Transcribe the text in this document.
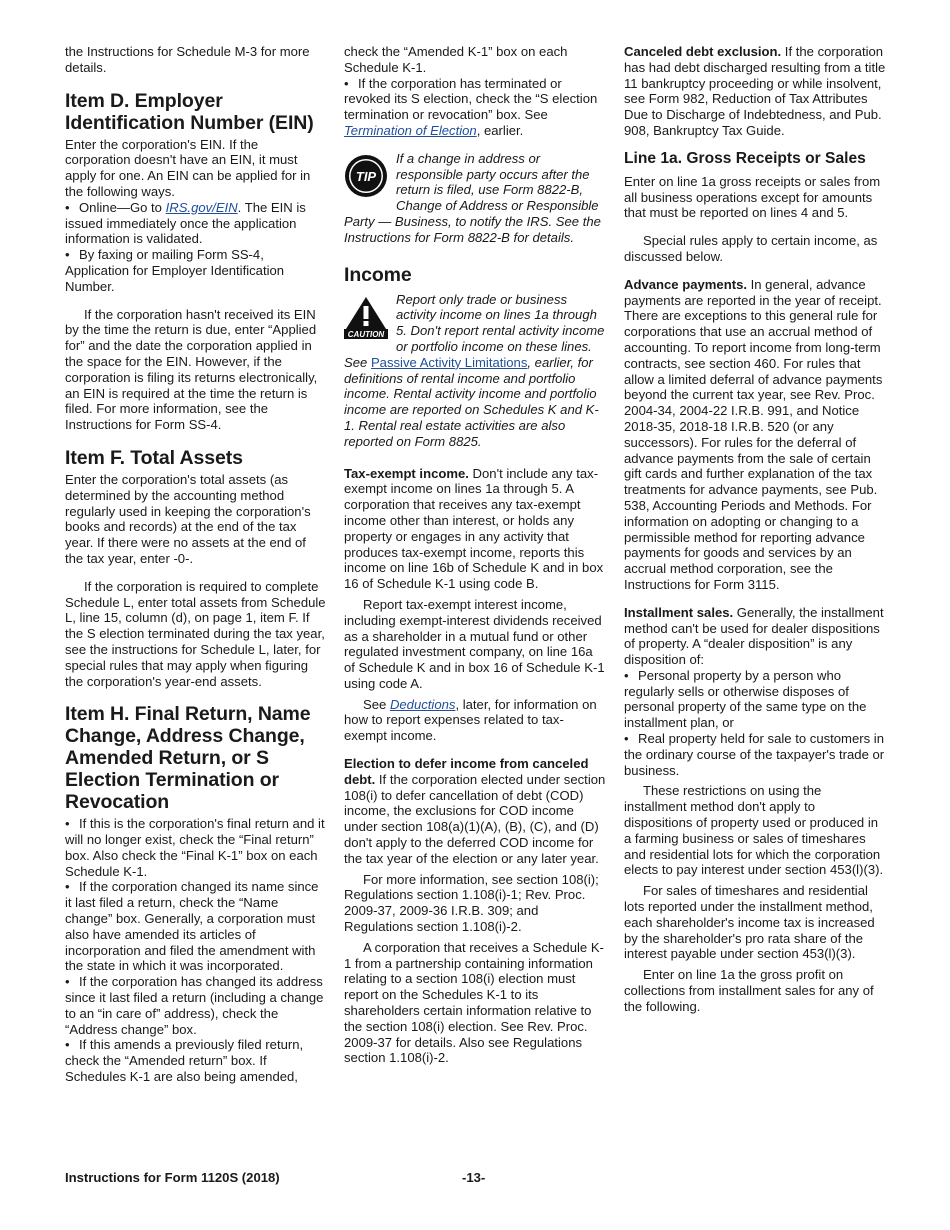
the Instructions for Schedule M-3 for more details.

Item D. Employer Identification Number (EIN)

Enter the corporation's EIN. If the corporation doesn't have an EIN, it must apply for one. An EIN can be applied for in the following ways.

• Online—Go to IRS.gov/EIN. The EIN is issued immediately once the application information is validated.

• By faxing or mailing Form SS-4, Application for Employer Identification Number.

If the corporation hasn't received its EIN by the time the return is due, enter “Applied for” and the date the corporation applied in the space for the EIN. However, if the corporation is filing its returns electronically, an EIN is required at the time the return is filed. For more information, see the Instructions for Form SS-4.

Item F. Total Assets

Enter the corporation's total assets (as determined by the accounting method regularly used in keeping the corporation's books and records) at the end of the tax year. If there were no assets at the end of the tax year, enter -0-.

If the corporation is required to complete Schedule L, enter total assets from Schedule L, line 15, column (d), on page 1, item F. If the S election terminated during the tax year, see the instructions for Schedule L, later, for special rules that may apply when figuring the corporation's year-end assets.

Item H. Final Return, Name Change, Address Change, Amended Return, or S Election Termination or Revocation

• If this is the corporation's final return and it will no longer exist, check the “Final return” box. Also check the “Final K-1” box on each Schedule K-1.

• If the corporation changed its name since it last filed a return, check the “Name change” box. Generally, a corporation must also have amended its articles of incorporation and filed the amendment with the state in which it was incorporated.

• If the corporation has changed its address since it last filed a return (including a change to an “in care of” address), check the “Address change” box.

• If this amends a previously filed return, check the “Amended return” box. If Schedules K-1 are also being amended,

check the “Amended K-1” box on each Schedule K-1.

• If the corporation has terminated or revoked its S election, check the “S election termination or revocation” box. See Termination of Election, earlier.

TIP
If a change in address or responsible party occurs after the return is filed, use Form 8822-B, Change of Address or Responsible Party — Business, to notify the IRS. See the Instructions for Form 8822-B for details.
Income
CAUTION
Report only trade or business activity income on lines 1a through 5. Don't report rental activity income or portfolio income on these lines. See Passive Activity Limitations, earlier, for definitions of rental income and portfolio income. Rental activity income and portfolio income are reported on Schedules K and K-1. Rental real estate activities are also reported on Form 8825.

Tax-exempt income. Don't include any tax-exempt income on lines 1a through 5. A corporation that receives any tax-exempt income other than interest, or holds any property or engages in any activity that produces tax-exempt income, reports this income on line 16b of Schedule K and in box 16 of Schedule K-1 using code B.

Report tax-exempt interest income, including exempt-interest dividends received as a shareholder in a mutual fund or other regulated investment company, on line 16a of Schedule K and in box 16 of Schedule K-1 using code A.

See Deductions, later, for information on how to report expenses related to tax-exempt income.

Election to defer income from canceled debt. If the corporation elected under section 108(i) to defer cancellation of debt (COD) income, the exclusions for COD income under section 108(a)(1)(A), (B), (C), and (D) don't apply to the deferred COD income for the tax year of the election or any later year.

For more information, see section 108(i); Regulations section 1.108(i)-1; Rev. Proc. 2009-37, 2009-36 I.R.B. 309; and Regulations section 1.108(i)-2.

A corporation that receives a Schedule K-1 from a partnership containing information relating to a section 108(i) election must report on the Schedules K-1 to its shareholders certain information relative to the section 108(i) election. See Rev. Proc. 2009-37 for details. Also see Regulations section 1.108(i)-2.

Canceled debt exclusion. If the corporation has had debt discharged resulting from a title 11 bankruptcy proceeding or while insolvent, see Form 982, Reduction of Tax Attributes Due to Discharge of Indebtedness, and Pub. 908, Bankruptcy Tax Guide.

Line 1a. Gross Receipts or Sales

Enter on line 1a gross receipts or sales from all business operations except for amounts that must be reported on lines 4 and 5.

Special rules apply to certain income, as discussed below.

Advance payments. In general, advance payments are reported in the year of receipt. There are exceptions to this general rule for corporations that use an accrual method of accounting. To report income from long-term contracts, see section 460. For rules that allow a limited deferral of advance payments beyond the current tax year, see Rev. Proc. 2004-34, 2004-22 I.R.B. 991, and Notice 2018-35, 2018-18 I.R.B. 520 (or any successors). For rules for the deferral of advance payments from the sale of certain gift cards and further explanation of the tax treatments for advance payments, see Pub. 538, Accounting Periods and Methods. For information on adopting or changing to a permissible method for reporting advance payments for goods and services by an accrual method corporation, see the Instructions for Form 3115.

Installment sales. Generally, the installment method can't be used for dealer dispositions of property. A “dealer disposition” is any disposition of:

• Personal property by a person who regularly sells or otherwise disposes of personal property of the same type on the installment plan, or

• Real property held for sale to customers in the ordinary course of the taxpayer's trade or business.

These restrictions on using the installment method don't apply to dispositions of property used or produced in a farming business or sales of timeshares and residential lots for which the corporation elects to pay interest under section 453(l)(3).

For sales of timeshares and residential lots reported under the installment method, each shareholder's income tax is increased by the shareholder's pro rata share of the interest payable under section 453(l)(3).

Enter on line 1a the gross profit on collections from installment sales for any of the following.

Instructions for Form 1120S (2018)	-13-
